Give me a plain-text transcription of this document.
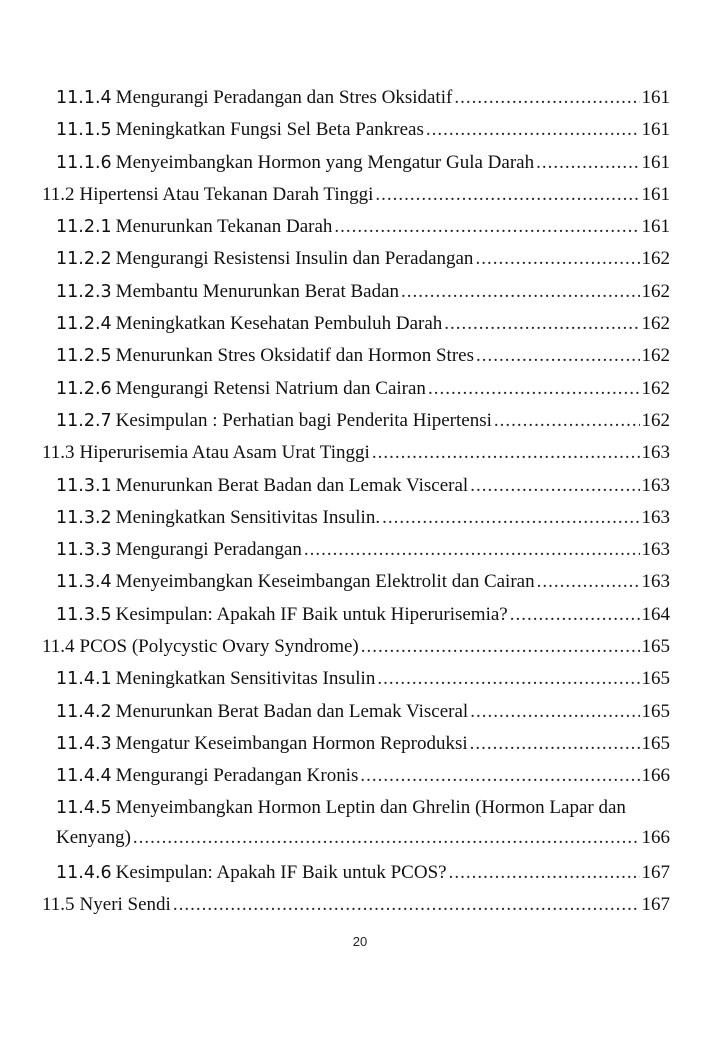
11.1.4 Mengurangi Peradangan dan Stres Oksidatif .....	161
11.1.5 Meningkatkan Fungsi Sel Beta Pankreas .....	161
11.1.6 Menyeimbangkan Hormon yang Mengatur Gula Darah .....	161
11.2 Hipertensi Atau Tekanan Darah Tinggi .....	161
11.2.1 Menurunkan Tekanan Darah .....	161
11.2.2 Mengurangi Resistensi Insulin dan Peradangan .....	162
11.2.3 Membantu Menurunkan Berat Badan .....	162
11.2.4 Meningkatkan Kesehatan Pembuluh Darah .....	162
11.2.5 Menurunkan Stres Oksidatif dan Hormon Stres .....	162
11.2.6 Mengurangi Retensi Natrium dan Cairan .....	162
11.2.7 Kesimpulan : Perhatian bagi Penderita Hipertensi .....	162
11.3 Hiperurisemia Atau Asam Urat Tinggi .....	163
11.3.1 Menurunkan Berat Badan dan Lemak Visceral .....	163
11.3.2 Meningkatkan Sensitivitas Insulin. .....	163
11.3.3 Mengurangi Peradangan .....	163
11.3.4 Menyeimbangkan Keseimbangan Elektrolit dan Cairan .....	163
11.3.5 Kesimpulan: Apakah IF Baik untuk Hiperurisemia? .....	164
11.4 PCOS (Polycystic Ovary Syndrome) .....	165
11.4.1 Meningkatkan Sensitivitas Insulin .....	165
11.4.2 Menurunkan Berat Badan dan Lemak Visceral .....	165
11.4.3 Mengatur Keseimbangan Hormon Reproduksi .....	165
11.4.4 Mengurangi Peradangan Kronis .....	166
11.4.5 Menyeimbangkan Hormon Leptin dan Ghrelin (Hormon Lapar dan
Kenyang) .....	166
11.4.6 Kesimpulan: Apakah IF Baik untuk PCOS? .....	167
11.5 Nyeri Sendi .....	167
20
